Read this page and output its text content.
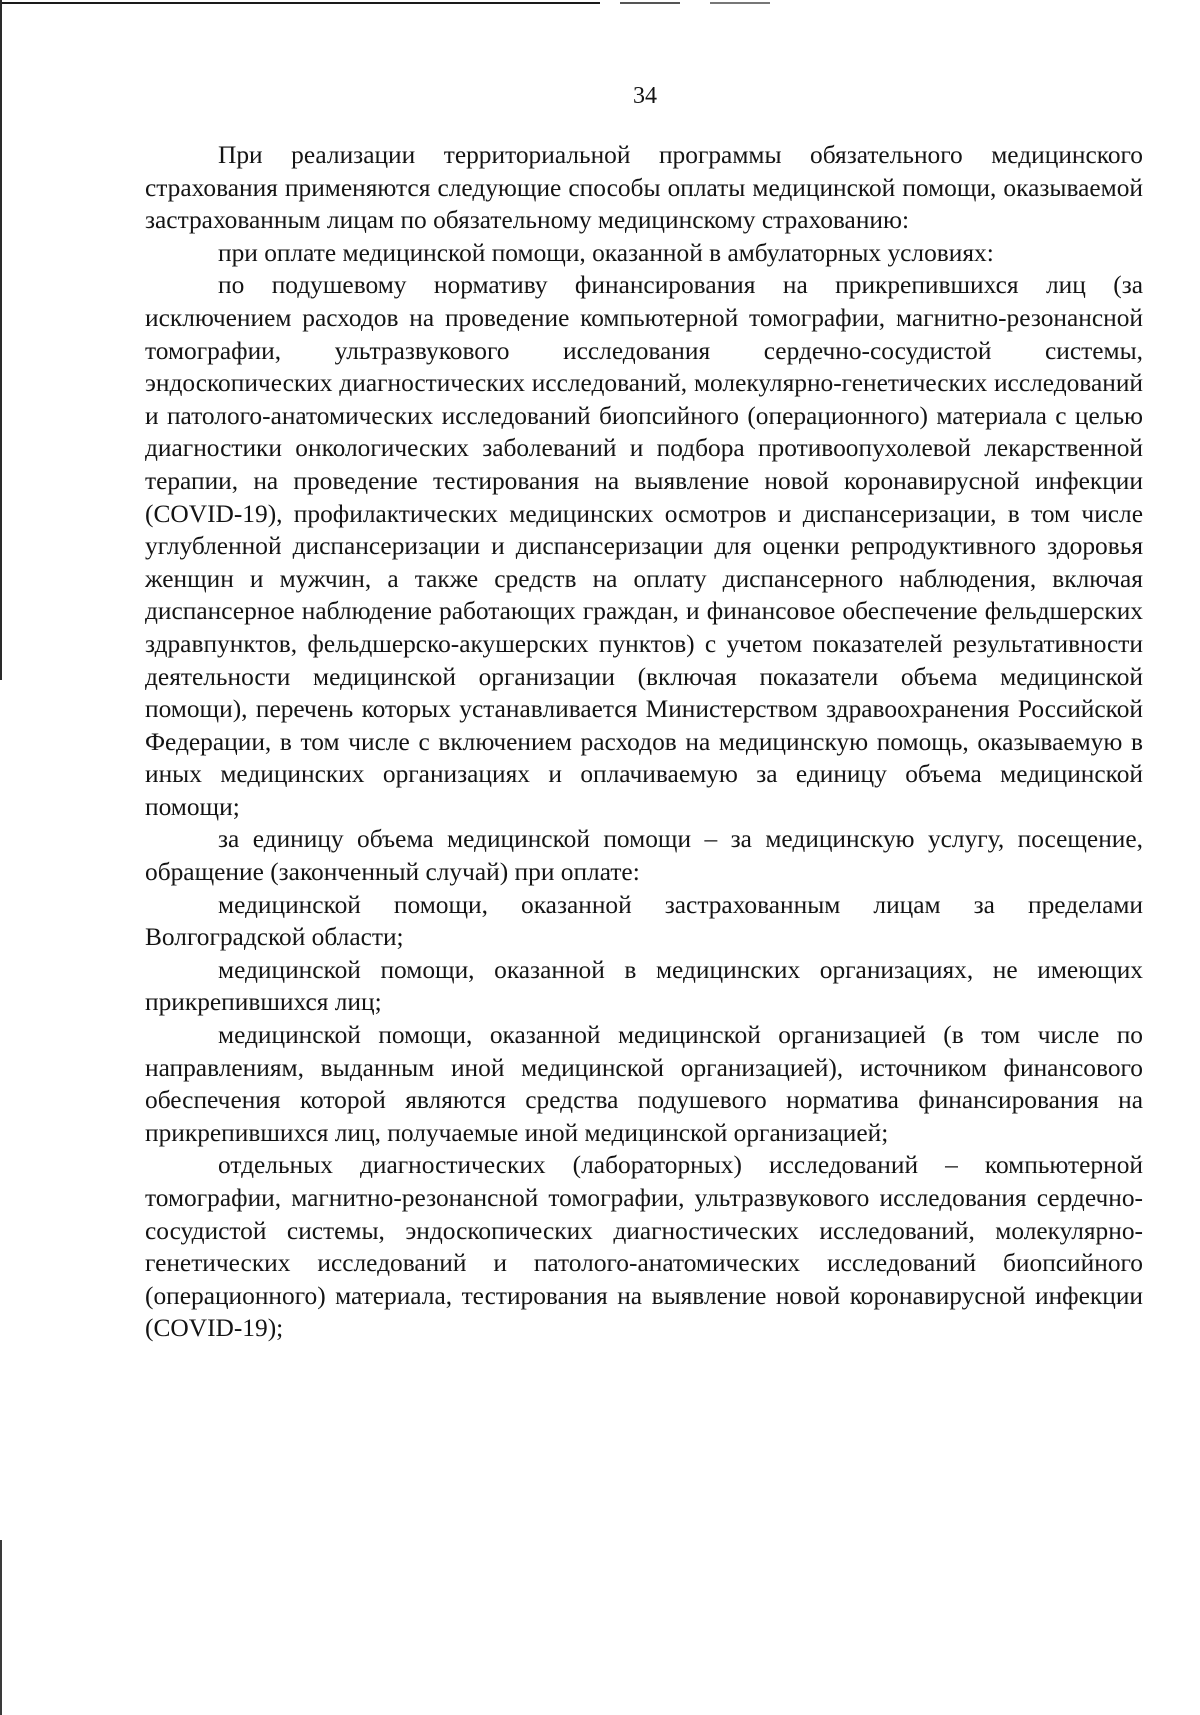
34

При реализации территориальной программы обязательного медицинского страхования применяются следующие способы оплаты медицинской помощи, оказываемой застрахованным лицам по обязательному медицинскому страхованию:

при оплате медицинской помощи, оказанной в амбулаторных условиях:

по подушевому нормативу финансирования на прикрепившихся лиц (за исключением расходов на проведение компьютерной томографии, магнитно-резонансной томографии, ультразвукового исследования сердечно-сосудистой системы, эндоскопических диагностических исследований, молекулярно-генетических исследований и патолого-анатомических исследований биопсийного (операционного) материала с целью диагностики онкологических заболеваний и подбора противоопухолевой лекарственной терапии, на проведение тестирования на выявление новой коронавирусной инфекции (COVID-19), профилактических медицинских осмотров и диспансеризации, в том числе углубленной диспансеризации и диспансеризации для оценки репродуктивного здоровья женщин и мужчин, а также средств на оплату диспансерного наблюдения, включая диспансерное наблюдение работающих граждан, и финансовое обеспечение фельдшерских здравпунктов, фельдшерско-акушерских пунктов) с учетом показателей результативности деятельности медицинской организации (включая показатели объема медицинской помощи), перечень которых устанавливается Министерством здравоохранения Российской Федерации, в том числе с включением расходов на медицинскую помощь, оказываемую в иных медицинских организациях и оплачиваемую за единицу объема медицинской помощи;

за единицу объема медицинской помощи – за медицинскую услугу, посещение, обращение (законченный случай) при оплате:

медицинской помощи, оказанной застрахованным лицам за пределами Волгоградской области;

медицинской помощи, оказанной в медицинских организациях, не имеющих прикрепившихся лиц;

медицинской помощи, оказанной медицинской организацией (в том числе по направлениям, выданным иной медицинской организацией), источником финансового обеспечения которой являются средства подушевого норматива финансирования на прикрепившихся лиц, получаемые иной медицинской организацией;

отдельных диагностических (лабораторных) исследований – компьютерной томографии, магнитно-резонансной томографии, ультразвукового исследования сердечно-сосудистой системы, эндоскопических диагностических исследований, молекулярно-генетических исследований и патолого-анатомических исследований биопсийного (операционного) материала, тестирования на выявление новой коронавирусной инфекции (COVID-19);
